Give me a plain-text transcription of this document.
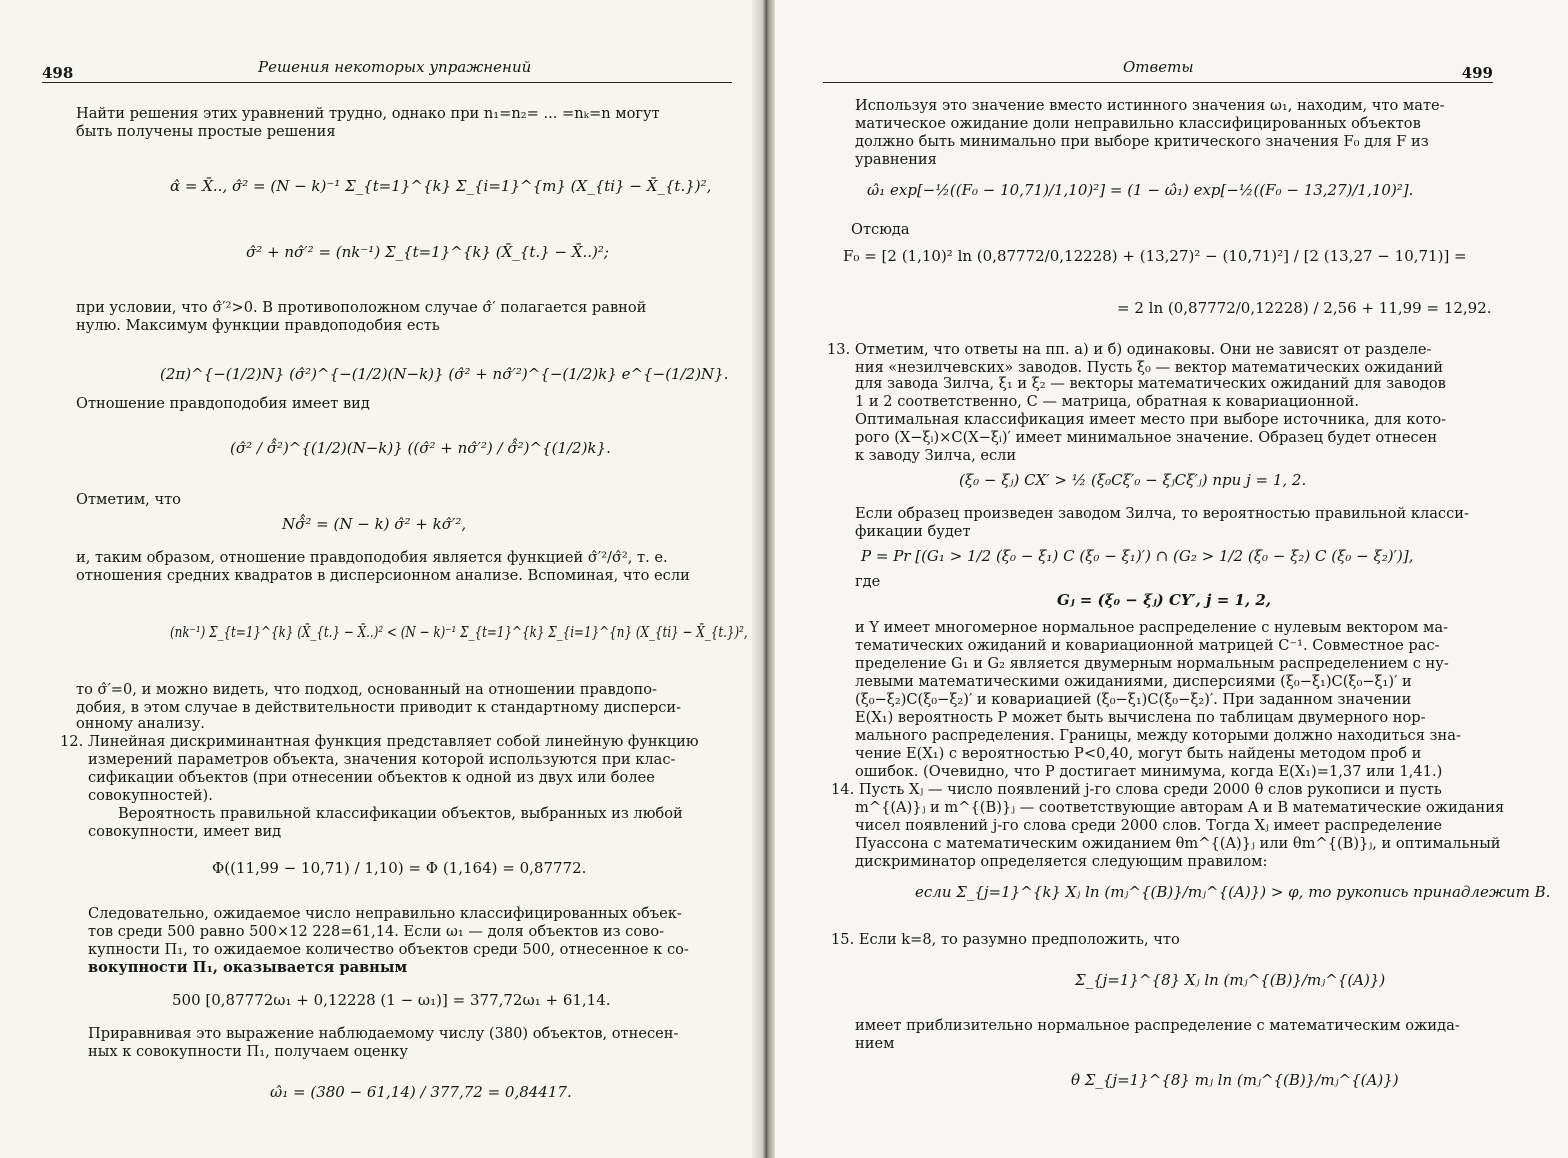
498	Решения некоторых упражнений
Найти решения этих уравнений трудно, однако при n₁=n₂= ... =nₖ=n могут
быть получены простые решения
α̂ = X̄.., σ̂² = (N − k)⁻¹ Σ_{t=1}^{k} Σ_{i=1}^{m} (X_{ti} − X̄_{t.})²,
σ̂² + nσ̂′² = (nk⁻¹) Σ_{t=1}^{k} (X̄_{t.} − X̄..)²;
при условии, что σ̂′²>0. В противоположном случае σ̂′ полагается равной
нулю. Максимум функции правдоподобия есть
(2π)^{−(1/2)N} (σ̂²)^{−(1/2)(N−k)} (σ̂² + nσ̂′²)^{−(1/2)k} e^{−(1/2)N}.
Отношение правдоподобия имеет вид
(σ̂² / σ̂̂²)^{(1/2)(N−k)} ((σ̂² + nσ̂′²) / σ̂̂²)^{(1/2)k}.
Отметим, что
Nσ̂̂² = (N − k) σ̂² + kσ̂′²,
и, таким образом, отношение правдоподобия является функцией σ̂′²/σ̂², т. е.
отношения средних квадратов в дисперсионном анализе. Вспоминая, что если
(nk⁻¹) Σ_{t=1}^{k} (X̄_{t.} − X̄..)² < (N − k)⁻¹ Σ_{t=1}^{k} Σ_{i=1}^{n} (X_{ti} − X̄_{t.})²,
то σ̂′=0, и можно видеть, что подход, основанный на отношении правдопо-
добия, в этом случае в действительности приводит к стандартному дисперси-
онному анализу.
12. Линейная дискриминантная функция представляет собой линейную функцию
измерений параметров объекта, значения которой используются при клас-
сификации объектов (при отнесении объектов к одной из двух или более
совокупностей).
Вероятность правильной классификации объектов, выбранных из любой
совокупности, имеет вид
Φ((11,99 − 10,71) / 1,10) = Φ (1,164) = 0,87772.
Следовательно, ожидаемое число неправильно классифицированных объек-
тов среди 500 равно 500×12 228=61,14. Если ω₁ — доля объектов из сово-
купности Π₁, то ожидаемое количество объектов среди 500, отнесенное к со-
вокупности Π₁, оказывается равным
500 [0,87772ω₁ + 0,12228 (1 − ω₁)] = 377,72ω₁ + 61,14.
Приравнивая это выражение наблюдаемому числу (380) объектов, отнесен-
ных к совокупности Π₁, получаем оценку
ω̂₁ = (380 − 61,14) / 377,72 = 0,84417.
Ответы	499
Используя это значение вместо истинного значения ω₁, находим, что мате-
матическое ожидание доли неправильно классифицированных объектов
должно быть минимально при выборе критического значения F₀ для F из
уравнения
ω̂₁ exp[−½((F₀ − 10,71)/1,10)²] = (1 − ω̂₁) exp[−½((F₀ − 13,27)/1,10)²].
Отсюда
F₀ = [2 (1,10)² ln (0,87772/0,12228) + (13,27)² − (10,71)²] / [2 (13,27 − 10,71)] =
= 2 ln (0,87772/0,12228) / 2,56 + 11,99 = 12,92.
13. Отметим, что ответы на пп. а) и б) одинаковы. Они не зависят от разделе-
ния «незилчевских» заводов. Пусть ξ₀ — вектор математических ожиданий
для завода Зилча, ξ₁ и ξ₂ — векторы математических ожиданий для заводов
1 и 2 соответственно, C — матрица, обратная к ковариационной.
Оптимальная классификация имеет место при выборе источника, для кото-
рого (X−ξᵢ)×C(X−ξᵢ)′ имеет минимальное значение. Образец будет отнесен
к заводу Зилча, если
(ξ₀ − ξⱼ) CX′ > ½ (ξ₀Cξ′₀ − ξⱼCξ′ⱼ) при j = 1, 2.
Если образец произведен заводом Зилча, то вероятностью правильной класси-
фикации будет
P = Pr [(G₁ > 1/2 (ξ₀ − ξ₁) C (ξ₀ − ξ₁)′) ∩ (G₂ > 1/2 (ξ₀ − ξ₂) C (ξ₀ − ξ₂)′)],
где
Gⱼ = (ξ₀ − ξⱼ) CY′, j = 1, 2,
и Y имеет многомерное нормальное распределение с нулевым вектором ма-
тематических ожиданий и ковариационной матрицей C⁻¹. Совместное рас-
пределение G₁ и G₂ является двумерным нормальным распределением с ну-
левыми математическими ожиданиями, дисперсиями (ξ₀−ξ₁)C(ξ₀−ξ₁)′ и
(ξ₀−ξ₂)C(ξ₀−ξ₂)′ и ковариацией (ξ₀−ξ₁)C(ξ₀−ξ₂)′. При заданном значении
E(X₁) вероятность P может быть вычислена по таблицам двумерного нор-
мального распределения. Границы, между которыми должно находиться зна-
чение E(X₁) с вероятностью P<0,40, могут быть найдены методом проб и
ошибок. (Очевидно, что P достигает минимума, когда E(X₁)=1,37 или 1,41.)
14. Пусть Xⱼ — число появлений j-го слова среди 2000 θ слов рукописи и пусть
m^{(A)}ⱼ и m^{(B)}ⱼ — соответствующие авторам A и B математические ожидания
чисел появлений j-го слова среди 2000 слов. Тогда Xⱼ имеет распределение
Пуассона с математическим ожиданием θm^{(A)}ⱼ или θm^{(B)}ⱼ, и оптимальный
дискриминатор определяется следующим правилом:
если Σ_{j=1}^{k} Xⱼ ln (mⱼ^{(B)}/mⱼ^{(A)}) > φ, то рукопись принадлежит B.
15. Если k=8, то разумно предположить, что
Σ_{j=1}^{8} Xⱼ ln (mⱼ^{(B)}/mⱼ^{(A)})
имеет приблизительно нормальное распределение с математическим ожида-
нием
θ Σ_{j=1}^{8} mⱼ ln (mⱼ^{(B)}/mⱼ^{(A)})
